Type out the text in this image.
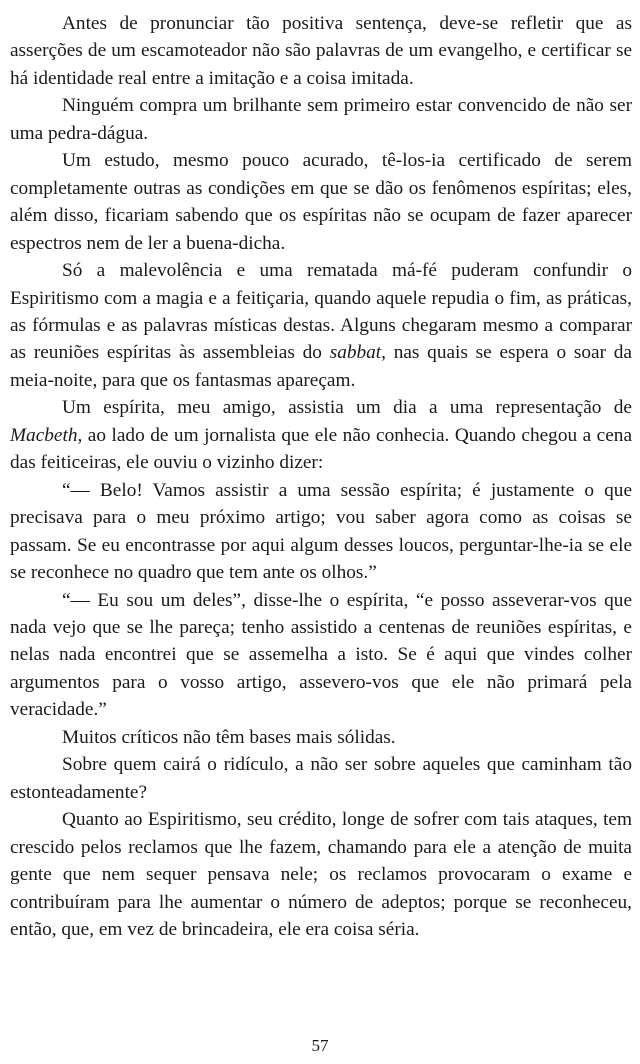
Antes de pronunciar tão positiva sentença, deve-se refletir que as asserções de um escamoteador não são palavras de um evangelho, e certificar se há identidade real entre a imitação e a coisa imitada.

Ninguém compra um brilhante sem primeiro estar convencido de não ser uma pedra-dágua.

Um estudo, mesmo pouco acurado, tê-los-ia certificado de serem completamente outras as condições em que se dão os fenômenos espíritas; eles, além disso, ficariam sabendo que os espíritas não se ocupam de fazer aparecer espectros nem de ler a buena-dicha.

Só a malevolência e uma rematada má-fé puderam confundir o Espiritismo com a magia e a feitiçaria, quando aquele repudia o fim, as práticas, as fórmulas e as palavras místicas destas. Alguns chegaram mesmo a comparar as reuniões espíritas às assembleias do sabbat, nas quais se espera o soar da meia-noite, para que os fantasmas apareçam.

Um espírita, meu amigo, assistia um dia a uma representação de Macbeth, ao lado de um jornalista que ele não conhecia. Quando chegou a cena das feiticeiras, ele ouviu o vizinho dizer:

“— Belo! Vamos assistir a uma sessão espírita; é justamente o que precisava para o meu próximo artigo; vou saber agora como as coisas se passam. Se eu encontrasse por aqui algum desses loucos, perguntar-lhe-ia se ele se reconhece no quadro que tem ante os olhos.”

“— Eu sou um deles”, disse-lhe o espírita, “e posso asseverar-vos que nada vejo que se lhe pareça; tenho assistido a centenas de reuniões espíritas, e nelas nada encontrei que se assemelha a isto. Se é aqui que vindes colher argumentos para o vosso artigo, assevero-vos que ele não primará pela veracidade.”

Muitos críticos não têm bases mais sólidas.

Sobre quem cairá o ridículo, a não ser sobre aqueles que caminham tão estonteadamente?

Quanto ao Espiritismo, seu crédito, longe de sofrer com tais ataques, tem crescido pelos reclamos que lhe fazem, chamando para ele a atenção de muita gente que nem sequer pensava nele; os reclamos provocaram o exame e contribuíram para lhe aumentar o número de adeptos; porque se reconheceu, então, que, em vez de brincadeira, ele era coisa séria.

57
